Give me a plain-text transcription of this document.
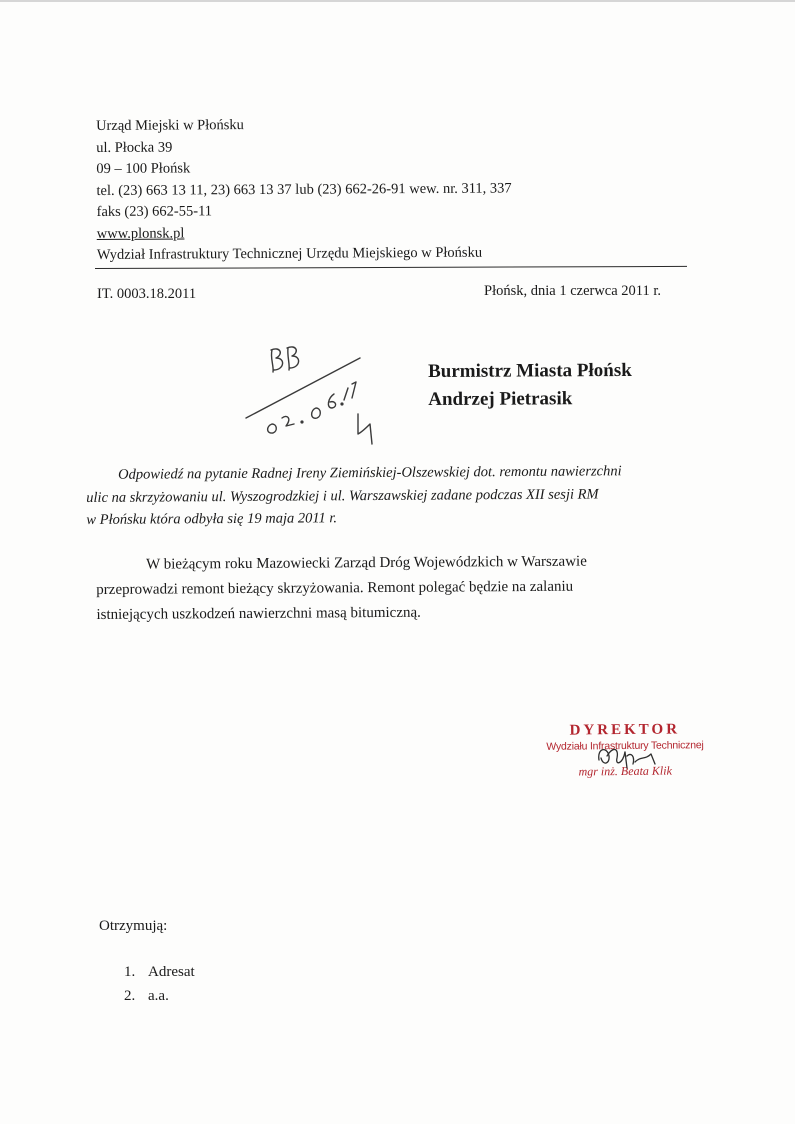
Urząd Miejski w Płońsku
ul. Płocka 39
09 – 100 Płońsk
tel. (23) 663 13 11, 23) 663 13 37 lub (23) 662-26-91 wew. nr. 311, 337
faks (23) 662-55-11
www.plonsk.pl
Wydział Infrastruktury Technicznej Urzędu Miejskiego w Płońsku
IT. 0003.18.2011	Płońsk, dnia 1 czerwca 2011 r.
Burmistrz Miasta Płońsk
Andrzej Pietrasik
Odpowiedź na pytanie Radnej Ireny Ziemińskiej-Olszewskiej dot. remontu nawierzchni
ulic na skrzyżowaniu ul. Wyszogrodzkiej i ul. Warszawskiej zadane podczas XII sesji RM
w Płońsku która odbyła się 19 maja 2011 r.
W bieżącym roku Mazowiecki Zarząd Dróg Wojewódzkich w Warszawie
przeprowadzi remont bieżący skrzyżowania. Remont polegać będzie na zalaniu
istniejących uszkodzeń nawierzchni masą bitumiczną.
DYREKTOR
Wydziału Infrastruktury Technicznej
mgr inż. Beata Klik
Otrzymują:
1. Adresat
2. a.a.
